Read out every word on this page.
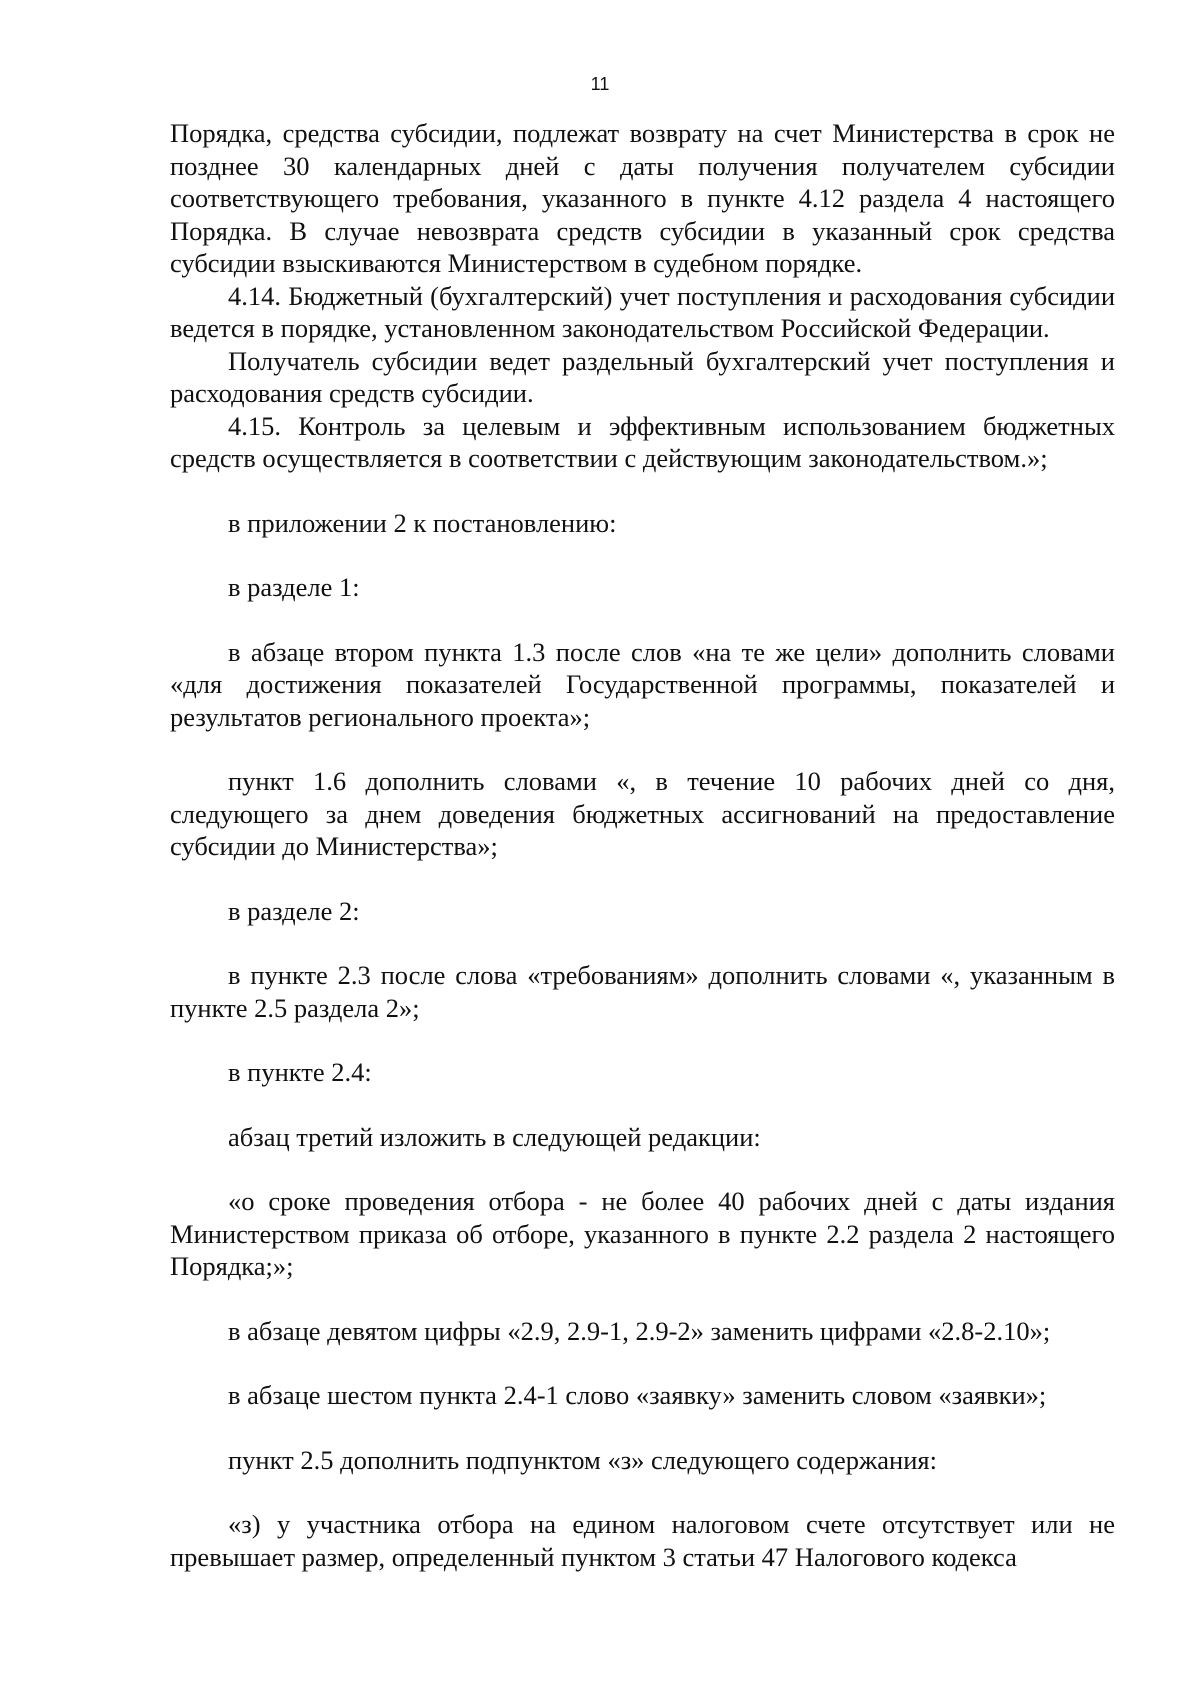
11

Порядка, средства субсидии, подлежат возврату на счет Министерства в срок не позднее 30 календарных дней с даты получения получателем субсидии соответствующего требования, указанного в пункте 4.12 раздела 4 настоящего Порядка. В случае невозврата средств субсидии в указанный срок средства субсидии взыскиваются Министерством в судебном порядке.

4.14. Бюджетный (бухгалтерский) учет поступления и расходования субсидии ведется в порядке, установленном законодательством Российской Федерации.

Получатель субсидии ведет раздельный бухгалтерский учет поступления и расходования средств субсидии.

4.15. Контроль за целевым и эффективным использованием бюджетных средств осуществляется в соответствии с действующим законодательством.»;

в приложении 2 к постановлению:

в разделе 1:

в абзаце втором пункта 1.3 после слов «на те же цели» дополнить словами «для достижения показателей Государственной программы, показателей и результатов регионального проекта»;

пункт 1.6 дополнить словами «, в течение 10 рабочих дней со дня, следующего за днем доведения бюджетных ассигнований на предоставление субсидии до Министерства»;

в разделе 2:

в пункте 2.3 после слова «требованиям» дополнить словами «, указанным в пункте 2.5 раздела 2»;

в пункте 2.4:

абзац третий изложить в следующей редакции:

«о сроке проведения отбора - не более 40 рабочих дней с даты издания Министерством приказа об отборе, указанного в пункте 2.2 раздела 2 настоящего Порядка;»;

в абзаце девятом цифры «2.9, 2.9-1, 2.9-2» заменить цифрами «2.8-2.10»;

в абзаце шестом пункта 2.4-1 слово «заявку» заменить словом «заявки»;

пункт 2.5 дополнить подпунктом «з» следующего содержания:

«з) у участника отбора на едином налоговом счете отсутствует или не превышает размер, определенный пунктом 3 статьи 47 Налогового кодекса
